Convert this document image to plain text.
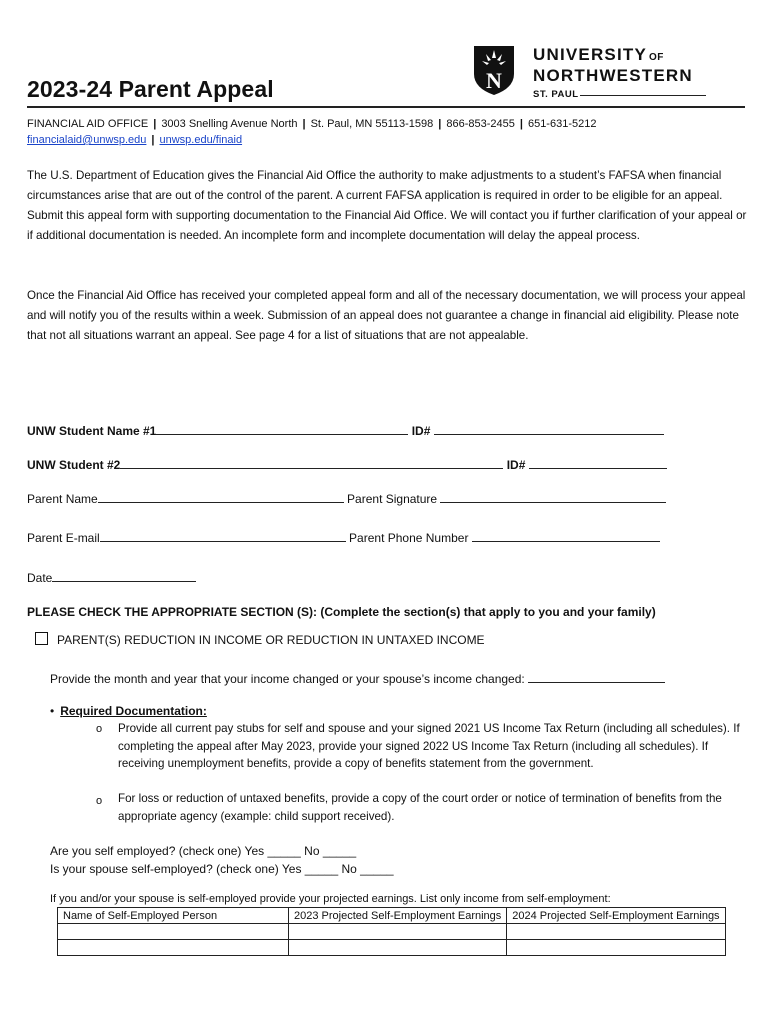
2023-24 Parent Appeal	N
UNIVERSITY OF
NORTHWESTERN
ST. PAUL
FINANCIAL AID OFFICE | 3003 Snelling Avenue North | St. Paul, MN 55113-1598 | 866-853-2455 | 651-631-5212
financialaid@unwsp.edu | unwsp.edu/finaid
The U.S. Department of Education gives the Financial Aid Office the authority to make adjustments to a student’s FAFSA when financial circumstances arise that are out of the control of the parent. A current FAFSA application is required in order to be eligible for an appeal. Submit this appeal form with supporting documentation to the Financial Aid Office. We will contact you if further clarification of your appeal or if additional documentation is needed. An incomplete form and incomplete documentation will delay the appeal process.
Once the Financial Aid Office has received your completed appeal form and all of the necessary documentation, we will process your appeal and will notify you of the results within a week. Submission of an appeal does not guarantee a change in financial aid eligibility. Please note that not all situations warrant an appeal. See page 4 for a list of situations that are not appealable.
UNW Student Name #1	ID#
UNW Student #2	ID#
Parent Name	Parent Signature
Parent E-mail	Parent Phone Number
Date
PLEASE CHECK THE APPROPRIATE SECTION (S): (Complete the section(s) that apply to you and your family)
PARENT(S) REDUCTION IN INCOME OR REDUCTION IN UNTAXED INCOME
Provide the month and year that your income changed or your spouse’s income changed:
• Required Documentation:
o Provide all current pay stubs for self and spouse and your signed 2021 US Income Tax Return (including all schedules). If completing the appeal after May 2023, provide your signed 2022 US Income Tax Return (including all schedules). If receiving unemployment benefits, provide a copy of benefits statement from the government.
o For loss or reduction of untaxed benefits, provide a copy of the court order or notice of termination of benefits from the appropriate agency (example: child support received).
Are you self employed? (check one) Yes _____ No _____
Is your spouse self-employed? (check one) Yes _____ No _____
If you and/or your spouse is self-employed provide your projected earnings. List only income from self-employment:
Name of Self-Employed Person	2023 Projected Self-Employment Earnings	2024 Projected Self-Employment Earnings
